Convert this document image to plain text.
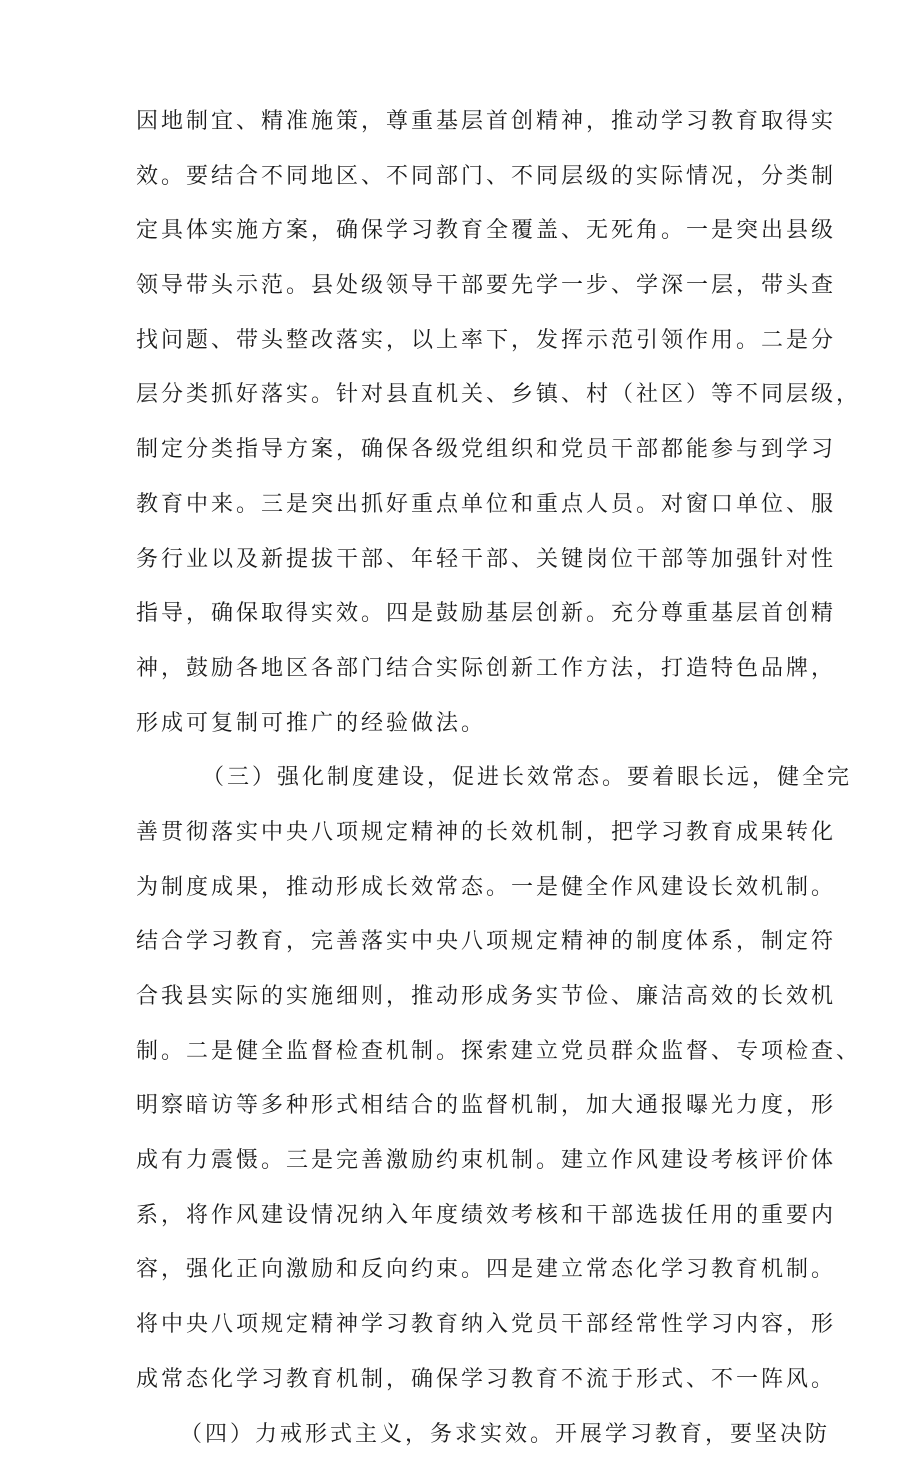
因地制宜、精准施策，尊重基层首创精神，推动学习教育取得实
效。要结合不同地区、不同部门、不同层级的实际情况，分类制
定具体实施方案，确保学习教育全覆盖、无死角。一是突出县级
领导带头示范。县处级领导干部要先学一步、学深一层，带头查
找问题、带头整改落实，以上率下，发挥示范引领作用。二是分
层分类抓好落实。针对县直机关、乡镇、村（社区）等不同层级，
制定分类指导方案，确保各级党组织和党员干部都能参与到学习
教育中来。三是突出抓好重点单位和重点人员。对窗口单位、服
务行业以及新提拔干部、年轻干部、关键岗位干部等加强针对性
指导，确保取得实效。四是鼓励基层创新。充分尊重基层首创精
神，鼓励各地区各部门结合实际创新工作方法，打造特色品牌，
形成可复制可推广的经验做法。
（三）强化制度建设，促进长效常态。要着眼长远，健全完
善贯彻落实中央八项规定精神的长效机制，把学习教育成果转化
为制度成果，推动形成长效常态。一是健全作风建设长效机制。
结合学习教育，完善落实中央八项规定精神的制度体系，制定符
合我县实际的实施细则，推动形成务实节俭、廉洁高效的长效机
制。二是健全监督检查机制。探索建立党员群众监督、专项检查、
明察暗访等多种形式相结合的监督机制，加大通报曝光力度，形
成有力震慑。三是完善激励约束机制。建立作风建设考核评价体
系，将作风建设情况纳入年度绩效考核和干部选拔任用的重要内
容，强化正向激励和反向约束。四是建立常态化学习教育机制。
将中央八项规定精神学习教育纳入党员干部经常性学习内容，形
成常态化学习教育机制，确保学习教育不流于形式、不一阵风。
（四）力戒形式主义，务求实效。开展学习教育，要坚决防
